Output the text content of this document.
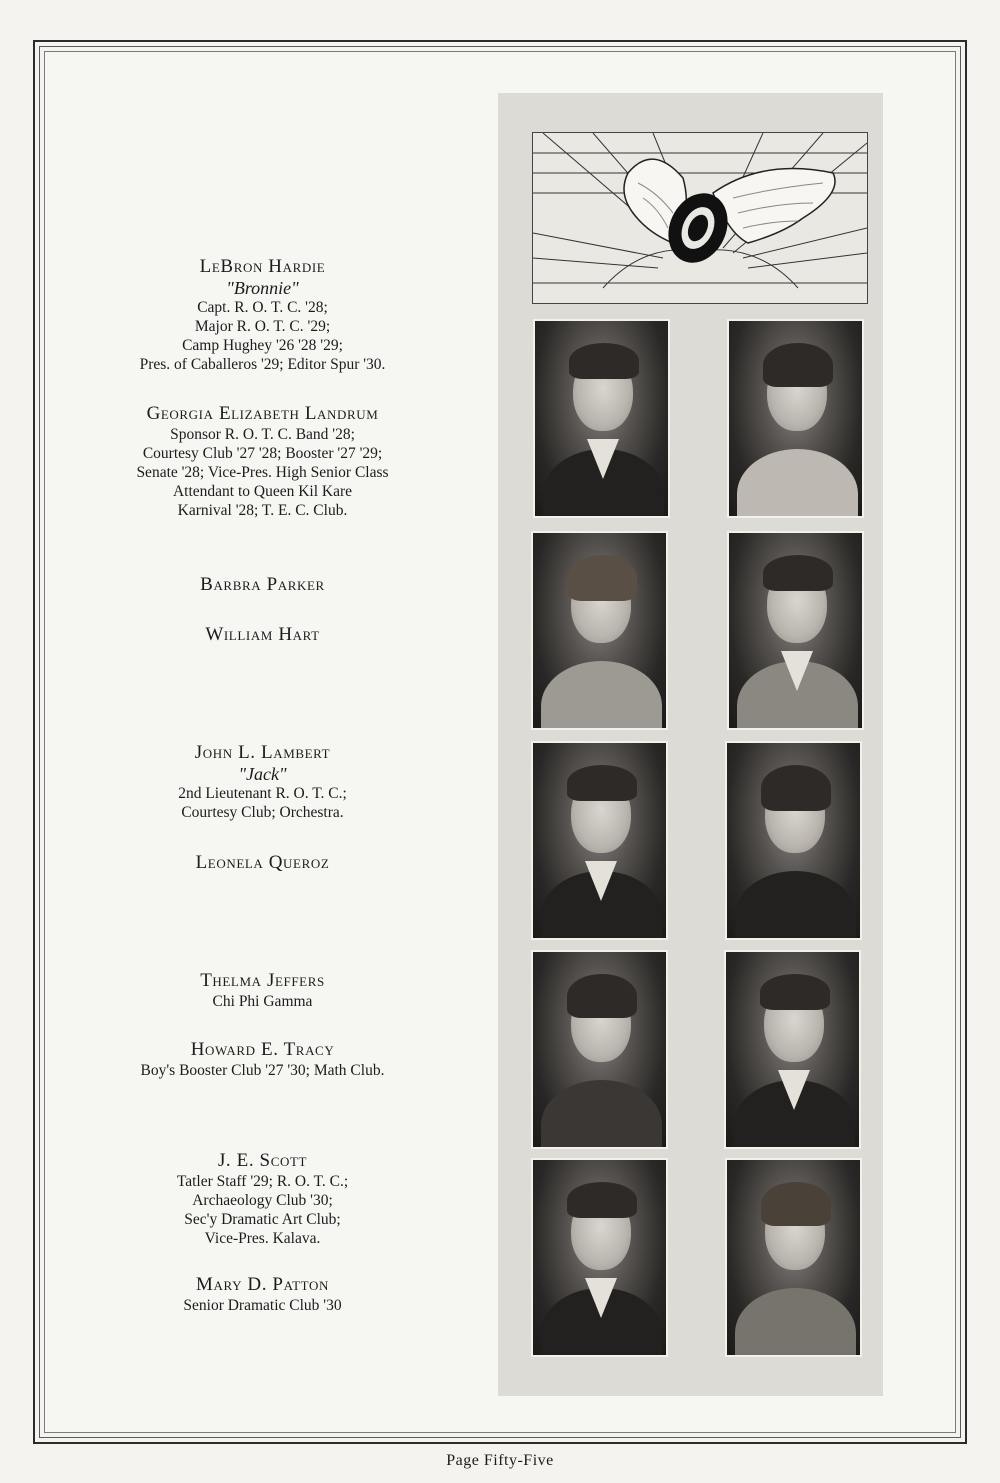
LeBron Hardie
"Bronnie"
Capt. R. O. T. C. '28;
Major R. O. T. C. '29;
Camp Hughey '26 '28 '29;
Pres. of Caballeros '29; Editor Spur '30.
Georgia Elizabeth Landrum
Sponsor R. O. T. C. Band '28;
Courtesy Club '27 '28; Booster '27 '29;
Senate '28; Vice-Pres. High Senior Class
Attendant to Queen Kil Kare
Karnival '28; T. E. C. Club.
Barbra Parker
William Hart
John L. Lambert
"Jack"
2nd Lieutenant R. O. T. C.;
Courtesy Club; Orchestra.
Leonela Queroz
Thelma Jeffers
Chi Phi Gamma
Howard E. Tracy
Boy's Booster Club '27 '30; Math Club.
J. E. Scott
Tatler Staff '29; R. O. T. C.;
Archaeology Club '30;
Sec'y Dramatic Art Club;
Vice-Pres. Kalava.
Mary D. Patton
Senior Dramatic Club '30
Page Fifty-Five
